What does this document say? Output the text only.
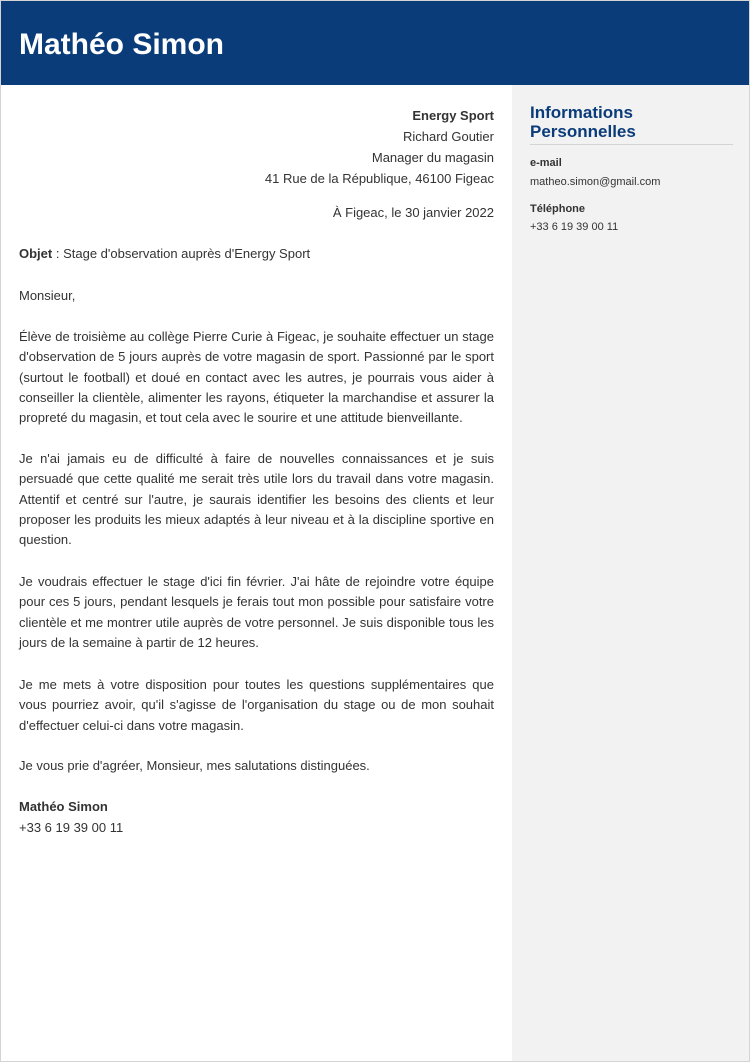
Mathéo Simon
Informations Personnelles
e-mail
matheo.simon@gmail.com
Téléphone
+33 6 19 39 00 11
Energy Sport
Richard Goutier
Manager du magasin
41 Rue de la République, 46100 Figeac
À Figeac, le 30 janvier 2022
Objet : Stage d'observation auprès d'Energy Sport
Monsieur,

Élève de troisième au collège Pierre Curie à Figeac, je souhaite effectuer un stage d'observation de 5 jours auprès de votre magasin de sport. Passionné par le sport (surtout le football) et doué en contact avec les autres, je pourrais vous aider à conseiller la clientèle, alimenter les rayons, étiqueter la marchandise et assurer la propreté du magasin, et tout cela avec le sourire et une attitude bienveillante.

Je n'ai jamais eu de difficulté à faire de nouvelles connaissances et je suis persuadé que cette qualité me serait très utile lors du travail dans votre magasin. Attentif et centré sur l'autre, je saurais identifier les besoins des clients et leur proposer les produits les mieux adaptés à leur niveau et à la discipline sportive en question.

Je voudrais effectuer le stage d'ici fin février. J'ai hâte de rejoindre votre équipe pour ces 5 jours, pendant lesquels je ferais tout mon possible pour satisfaire votre clientèle et me montrer utile auprès de votre personnel. Je suis disponible tous les jours de la semaine à partir de 12 heures.

Je me mets à votre disposition pour toutes les questions supplémentaires que vous pourriez avoir, qu'il s'agisse de l'organisation du stage ou de mon souhait d'effectuer celui-ci dans votre magasin.

Je vous prie d'agréer, Monsieur, mes salutations distinguées.
Mathéo Simon
+33 6 19 39 00 11
